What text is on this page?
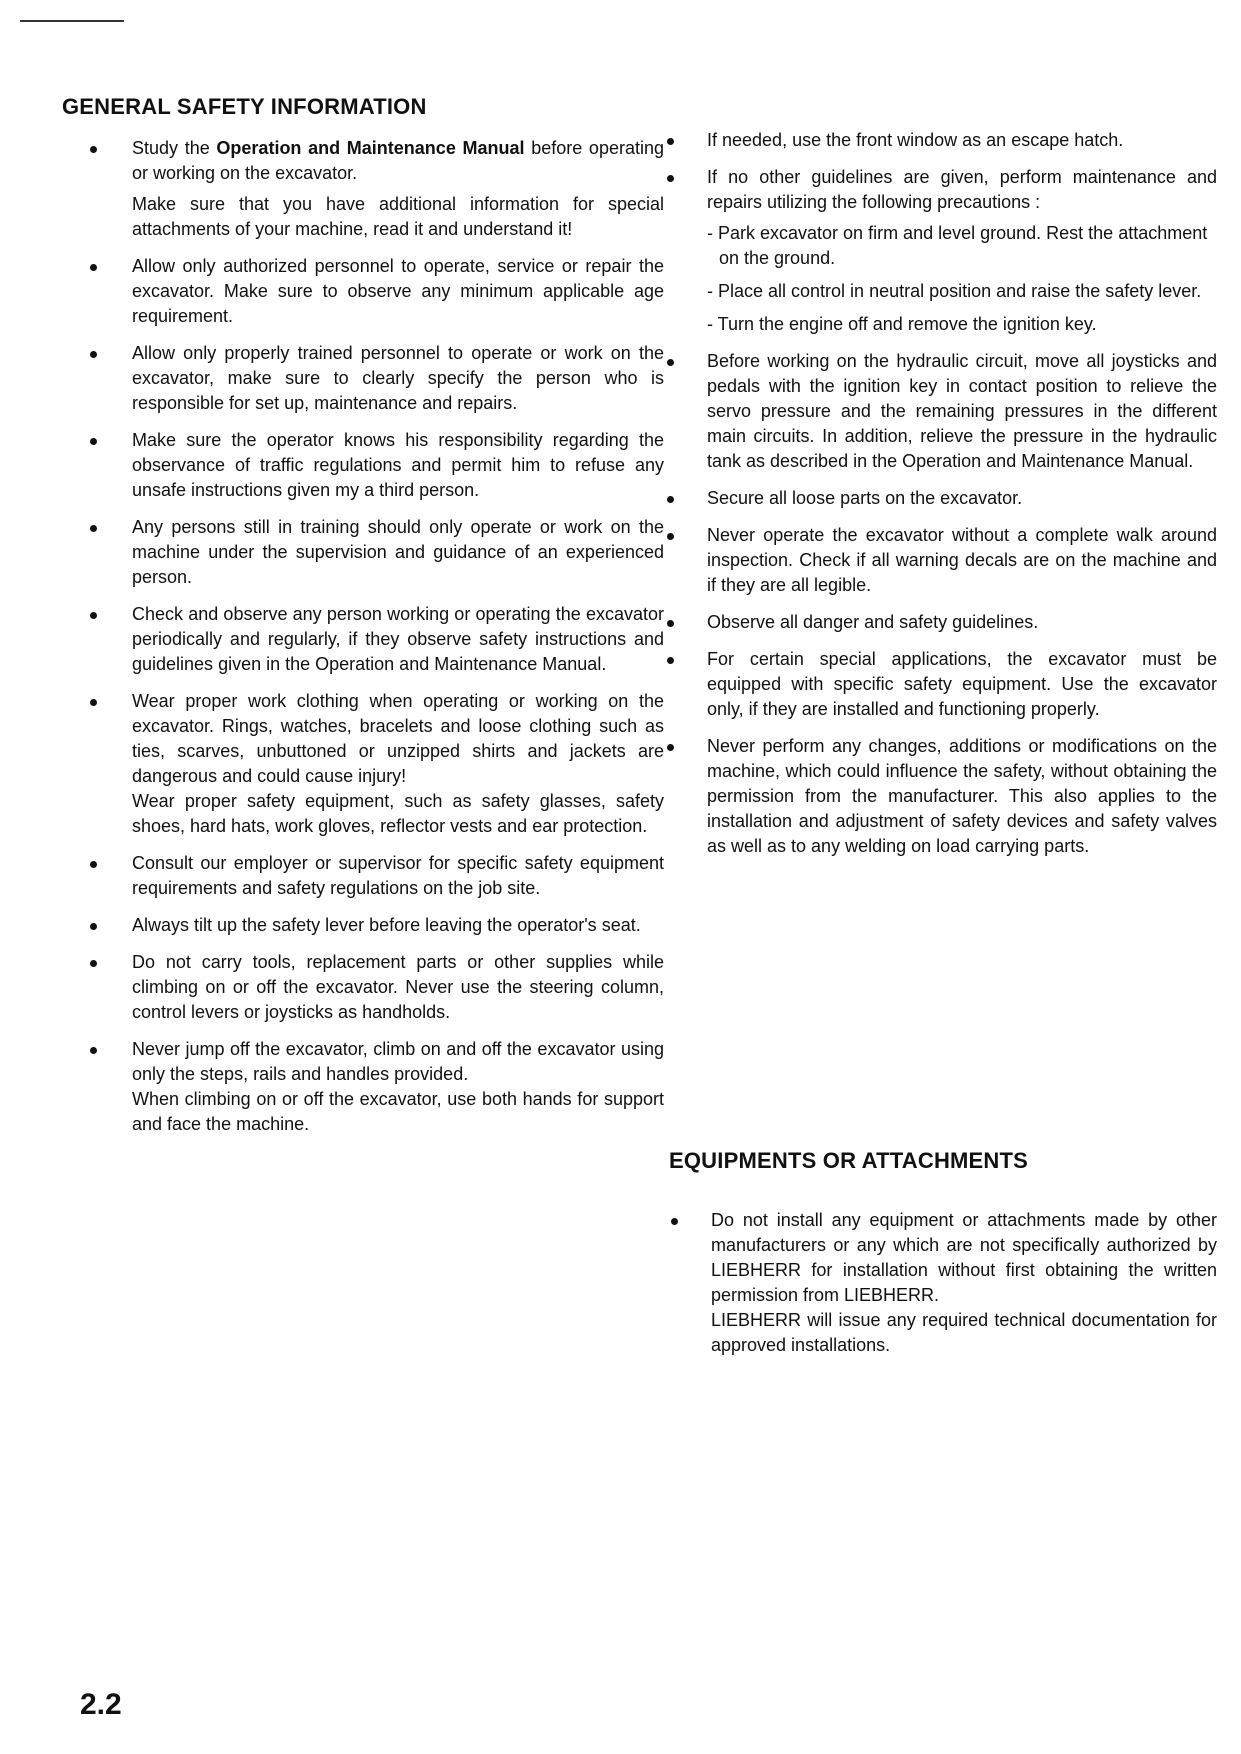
GENERAL SAFETY INFORMATION

Study the Operation and Maintenance Manual before operating or working on the excavator.

Make sure that you have additional information for special attachments of your machine, read it and understand it!

Allow only authorized personnel to operate, service or repair the excavator. Make sure to observe any minimum applicable age requirement.

Allow only properly trained personnel to operate or work on the excavator, make sure to clearly specify the person who is responsible for set up, maintenance and repairs.

Make sure the operator knows his responsibility regarding the observance of traffic regulations and permit him to refuse any unsafe instructions given my a third person.

Any persons still in training should only operate or work on the machine under the supervision and guidance of an experienced person.

Check and observe any person working or operating the excavator periodically and regularly, if they observe safety instructions and guidelines given in the Operation and Maintenance Manual.

Wear proper work clothing when operating or working on the excavator. Rings, watches, bracelets and loose clothing such as ties, scarves, unbuttoned or unzipped shirts and jackets are dangerous and could cause injury!

Wear proper safety equipment, such as safety glasses, safety shoes, hard hats, work gloves, reflector vests and ear protection.

Consult our employer or supervisor for specific safety equipment requirements and safety regulations on the job site.

Always tilt up the safety lever before leaving the operator's seat.

Do not carry tools, replacement parts or other supplies while climbing on or off the excavator. Never use the steering column, control levers or joysticks as handholds.

Never jump off the excavator, climb on and off the excavator using only the steps, rails and handles provided.

When climbing on or off the excavator, use both hands for support and face the machine.

If needed, use the front window as an escape hatch.

If no other guidelines are given, perform maintenance and repairs utilizing the following precautions :

- Park excavator on firm and level ground. Rest the attachment on the ground.
- Place all control in neutral position and raise the safety lever.
- Turn the engine off and remove the ignition key.

Before working on the hydraulic circuit, move all joysticks and pedals with the ignition key in contact position to relieve the servo pressure and the remaining pressures in the different main circuits. In addition, relieve the pressure in the hydraulic tank as described in the Operation and Maintenance Manual.

Secure all loose parts on the excavator.

Never operate the excavator without a complete walk around inspection. Check if all warning decals are on the machine and if they are all legible.

Observe all danger and safety guidelines.

For certain special applications, the excavator must be equipped with specific safety equipment. Use the excavator only, if they are installed and functioning properly.

Never perform any changes, additions or modifications on the machine, which could influence the safety, without obtaining the permission from the manufacturer. This also applies to the installation and adjustment of safety devices and safety valves as well as to any welding on load carrying parts.

EQUIPMENTS OR ATTACHMENTS

Do not install any equipment or attachments made by other manufacturers or any which are not specifically authorized by LIEBHERR for installation without first obtaining the written permission from LIEBHERR.

LIEBHERR will issue any required technical documentation for approved installations.

2.2
